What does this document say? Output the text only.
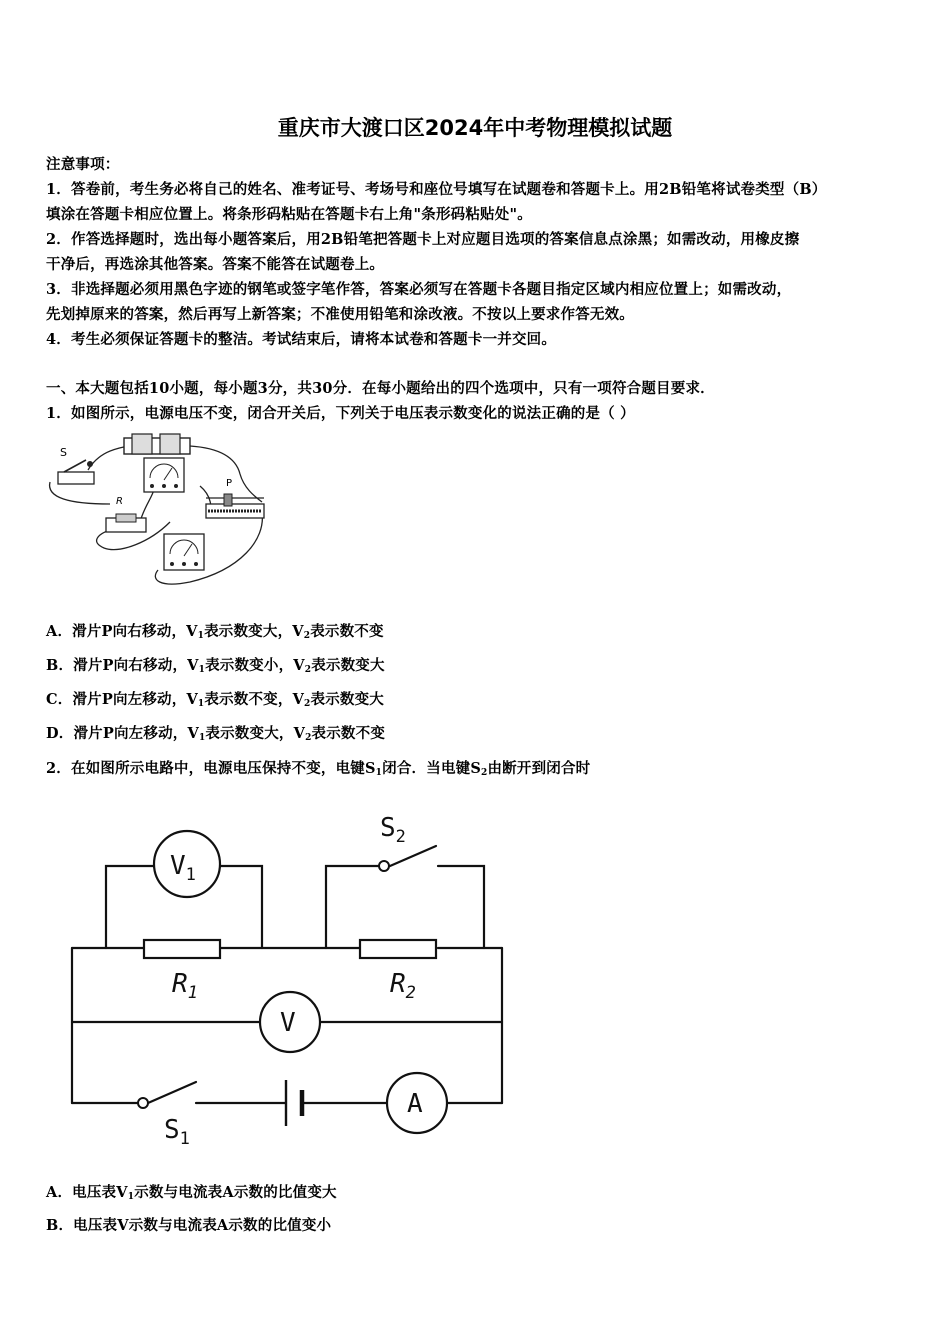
重庆市大渡口区2024年中考物理模拟试题
注意事项：
1．答卷前，考生务必将自己的姓名、准考证号、考场号和座位号填写在试题卷和答题卡上。用2B铅笔将试卷类型（B）
填涂在答题卡相应位置上。将条形码粘贴在答题卡右上角"条形码粘贴处"。
2．作答选择题时，选出每小题答案后，用2B铅笔把答题卡上对应题目选项的答案信息点涂黑；如需改动，用橡皮擦
干净后，再选涂其他答案。答案不能答在试题卷上。
3．非选择题必须用黑色字迹的钢笔或签字笔作答，答案必须写在答题卡各题目指定区域内相应位置上；如需改动，
先划掉原来的答案，然后再写上新答案；不准使用铅笔和涂改液。不按以上要求作答无效。
4．考生必须保证答题卡的整洁。考试结束后，请将本试卷和答题卡一并交回。
一、本大题包括10小题，每小题3分，共30分．在每小题给出的四个选项中，只有一项符合题目要求．
1．如图所示，电源电压不变，闭合开关后，下列关于电压表示数变化的说法正确的是（ ）
S
R
P
A．滑片P向右移动，$V_1$表示数变大，$V_2$表示数不变
B．滑片P向右移动，$V_1$表示数变小，$V_2$表示数变大
C．滑片P向左移动，$V_1$表示数不变，$V_2$表示数变大
D．滑片P向左移动，$V_1$表示数变大，$V_2$表示数不变
2．在如图所示电路中，电源电压保持不变，电键$S_1$闭合．当电键$S_2$由断开到闭合时
$V_1$
$S_2$
$R_1$	$R_2$
V
A
$S_1$
A．电压表$V_1$示数与电流表A示数的比值变大
B．电压表V示数与电流表A示数的比值变小
